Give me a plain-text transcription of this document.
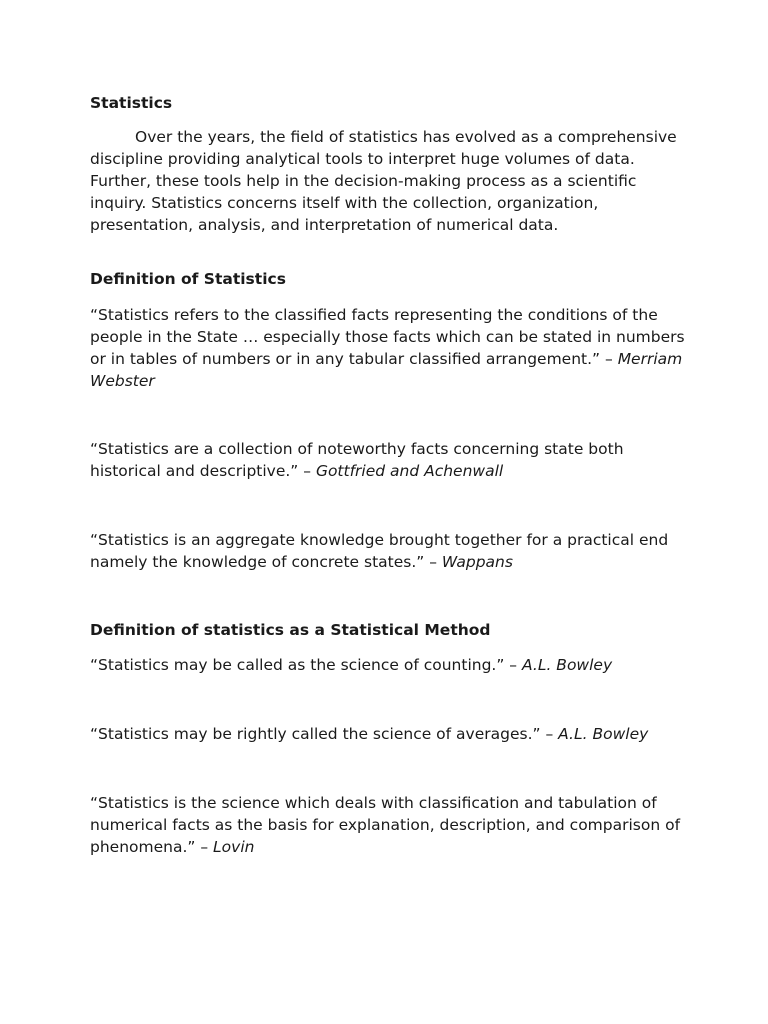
Statistics

Over the years, the field of statistics has evolved as a comprehensive discipline providing analytical tools to interpret huge volumes of data. Further, these tools help in the decision-making process as a scientific inquiry. Statistics concerns itself with the collection, organization, presentation, analysis, and interpretation of numerical data.

Definition of Statistics

“Statistics refers to the classified facts representing the conditions of the people in the State … especially those facts which can be stated in numbers or in tables of numbers or in any tabular classified arrangement.” – Merriam Webster

“Statistics are a collection of noteworthy facts concerning state both historical and descriptive.” – Gottfried and Achenwall

“Statistics is an aggregate knowledge brought together for a practical end namely the knowledge of concrete states.” – Wappans

Definition of statistics as a Statistical Method

“Statistics may be called as the science of counting.” – A.L. Bowley

“Statistics may be rightly called the science of averages.” – A.L. Bowley

“Statistics is the science which deals with classification and tabulation of numerical facts as the basis for explanation, description, and comparison of phenomena.” – Lovin
